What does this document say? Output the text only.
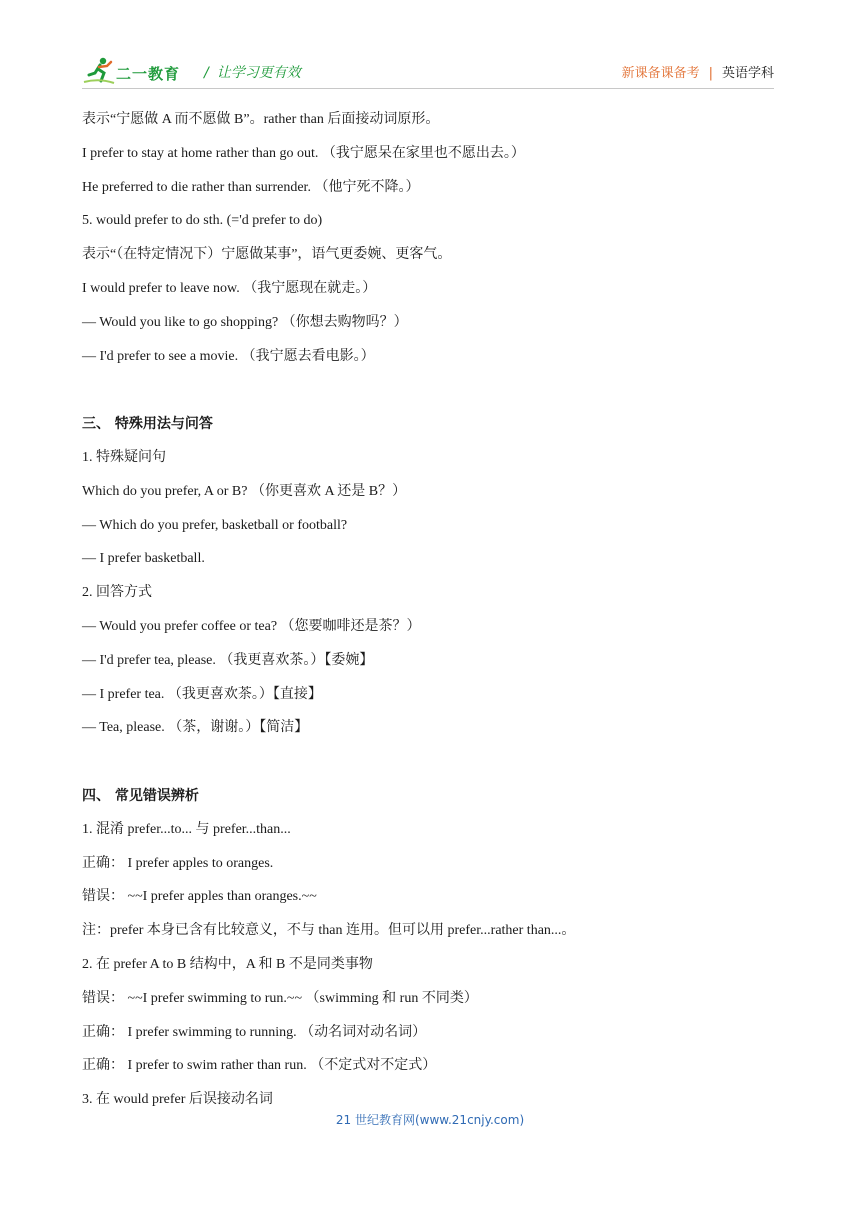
二一教育 / 让学习更有效	新课备课备考 | 英语学科
表示“宁愿做 A 而不愿做 B”。rather than 后面接动词原形。
I prefer to stay at home rather than go out. （我宁愿呆在家里也不愿出去。）
He preferred to die rather than surrender. （他宁死不降。）
5. would prefer to do sth. (='d prefer to do)
表示“（在特定情况下）宁愿做某事”，语气更委婉、更客气。
I would prefer to leave now. （我宁愿现在就走。）
— Would you like to go shopping? （你想去购物吗？）
— I'd prefer to see a movie. （我宁愿去看电影。）
三、 特殊用法与问答
1. 特殊疑问句
Which do you prefer, A or B? （你更喜欢 A 还是 B？）
— Which do you prefer, basketball or football?
— I prefer basketball.
2. 回答方式
— Would you prefer coffee or tea? （您要咖啡还是茶？）
— I'd prefer tea, please. （我更喜欢茶。）【委婉】
— I prefer tea. （我更喜欢茶。）【直接】
— Tea, please. （茶，谢谢。）【简洁】
四、 常见错误辨析
1. 混淆 prefer...to... 与 prefer...than...
正确： I prefer apples to oranges.
错误： ~~I prefer apples than oranges.~~
注：prefer 本身已含有比较意义，不与 than 连用。但可以用 prefer...rather than...。
2. 在 prefer A to B 结构中，A 和 B 不是同类事物
错误： ~~I prefer swimming to run.~~ （swimming 和 run 不同类）
正确： I prefer swimming to running. （动名词对动名词）
正确： I prefer to swim rather than run. （不定式对不定式）
3. 在 would prefer 后误接动名词
21 世纪教育网(www.21cnjy.com)
